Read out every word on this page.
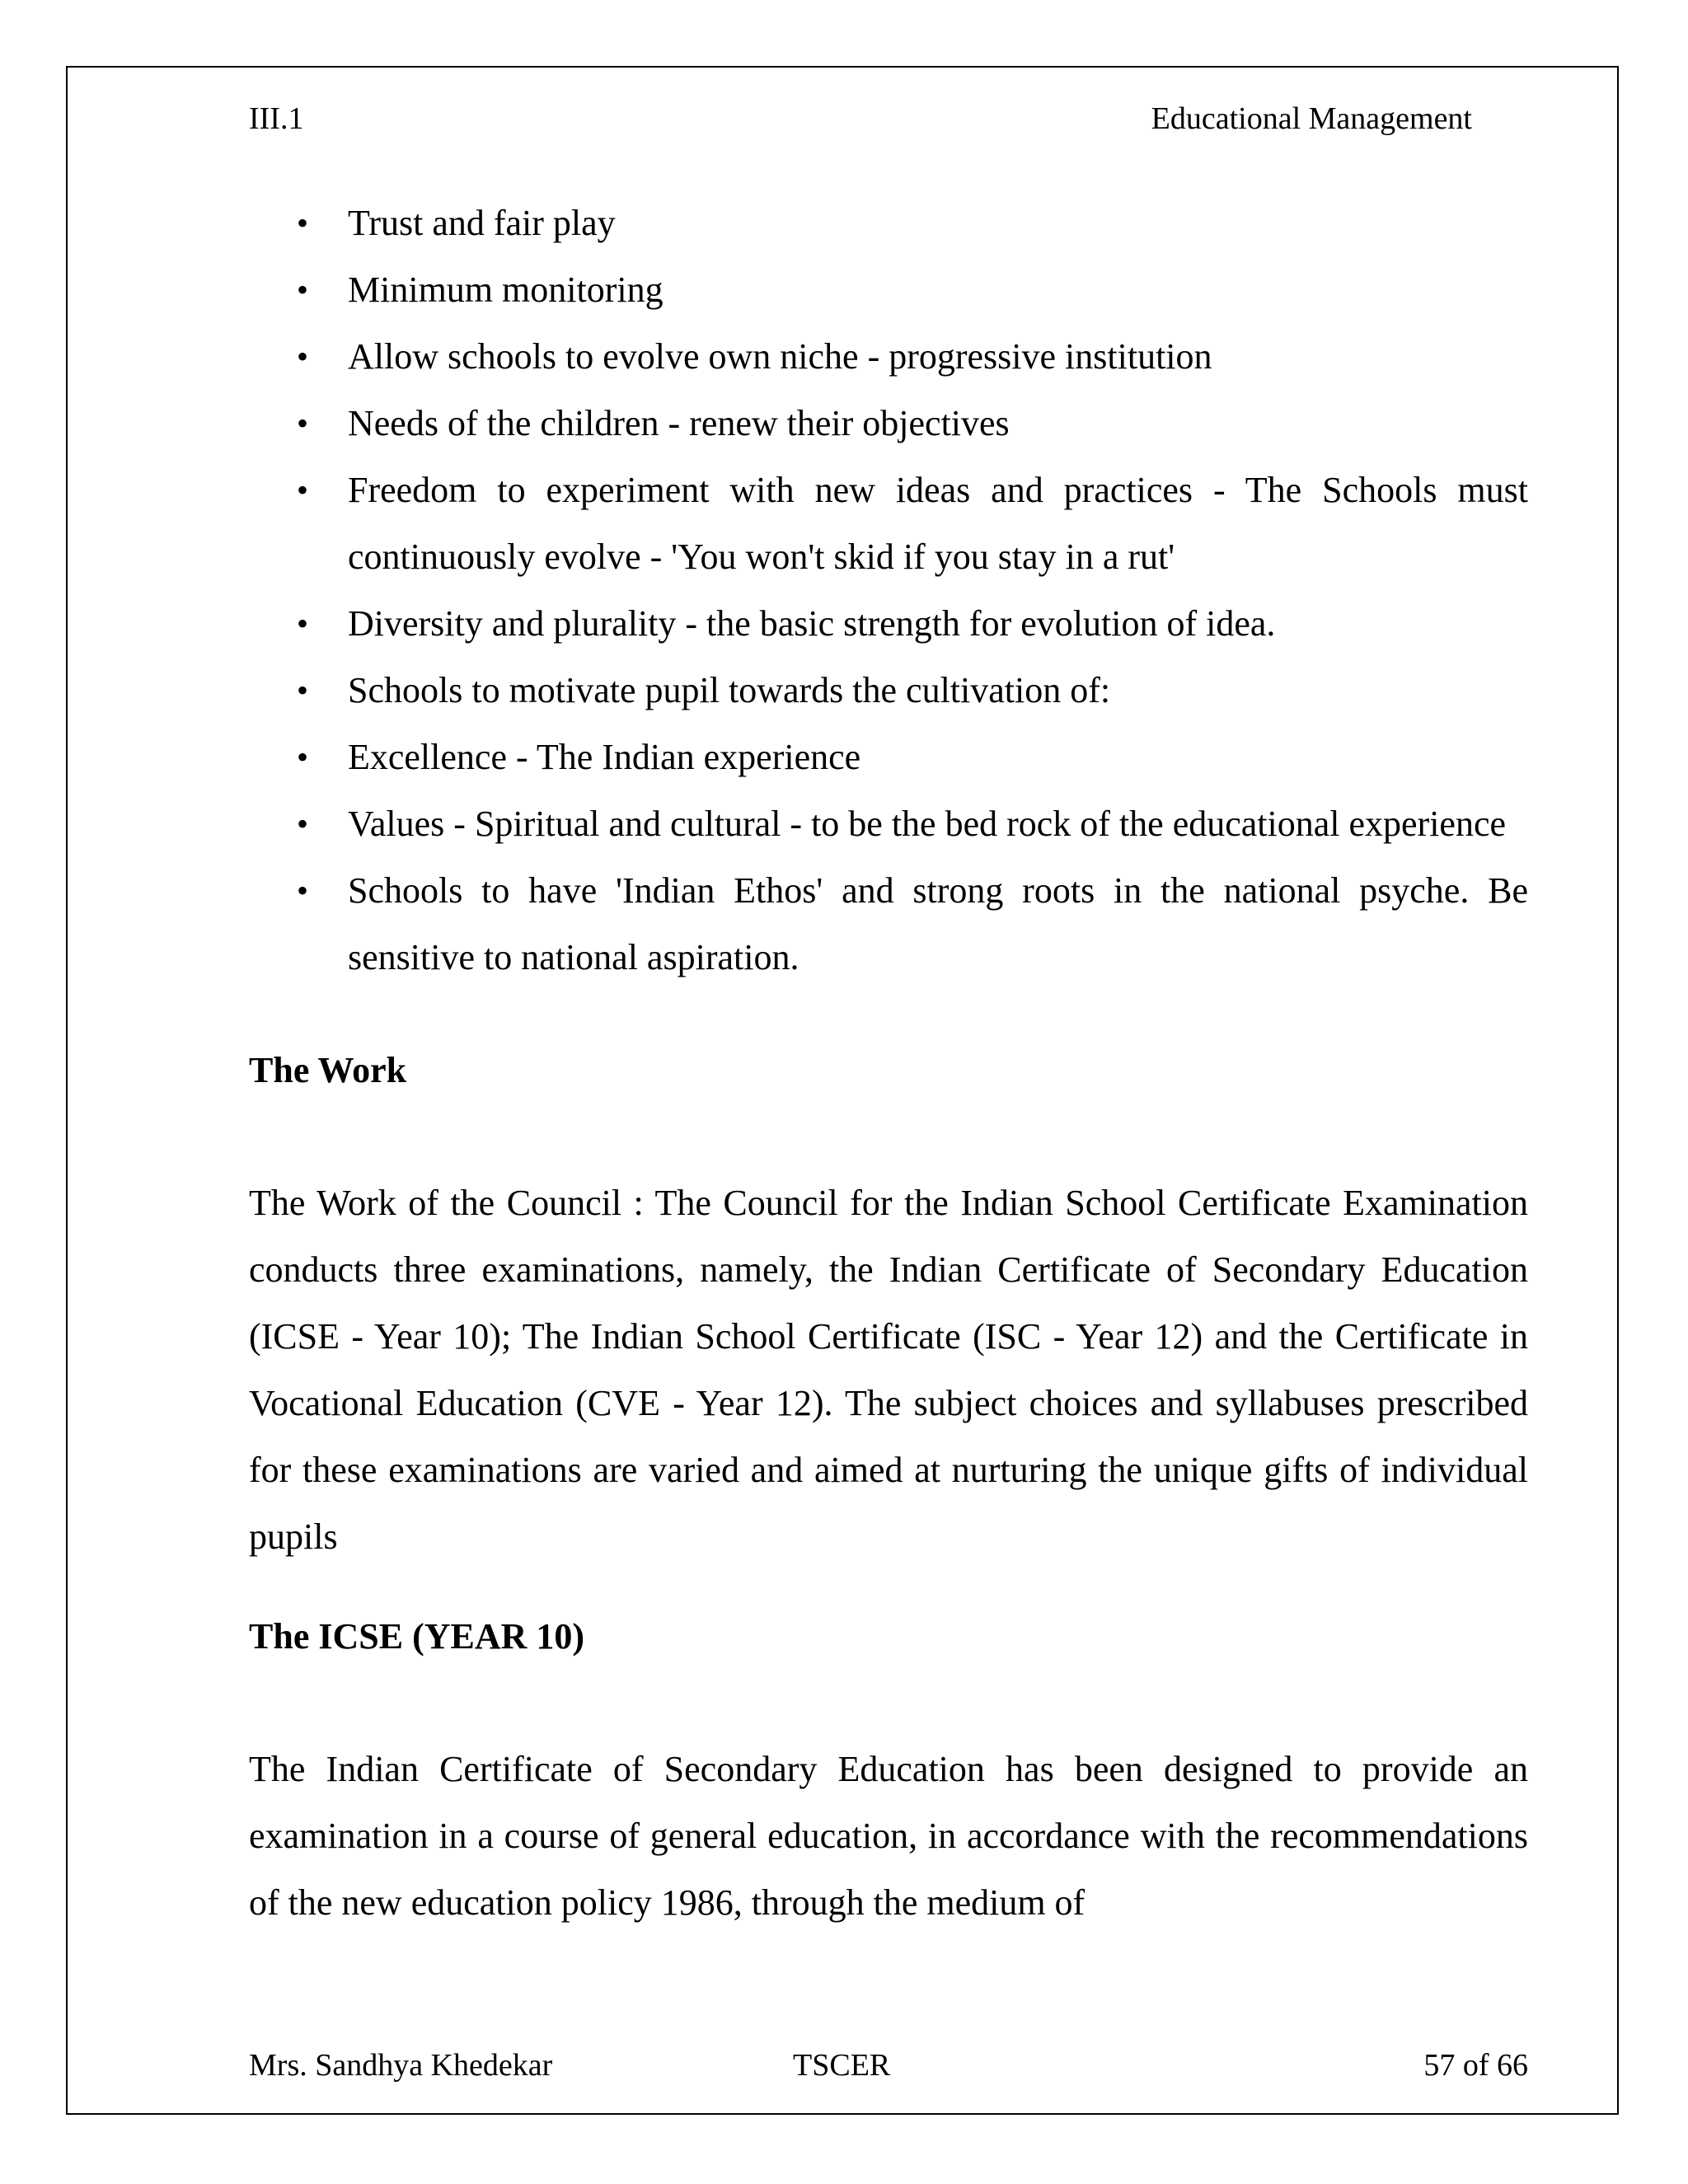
III.1	Educational Management
• Trust and fair play
• Minimum monitoring
• Allow schools to evolve own niche - progressive institution
• Needs of the children - renew their objectives
• Freedom to experiment with new ideas and practices - The Schools must continuously evolve - 'You won't skid if you stay in a rut'
• Diversity and plurality - the basic strength for evolution of idea.
• Schools to motivate pupil towards the cultivation of:
• Excellence - The Indian experience
• Values - Spiritual and cultural - to be the bed rock of the educational experience
• Schools to have 'Indian Ethos' and strong roots in the national psyche. Be sensitive to national aspiration.

The Work

The Work of the Council : The Council for the Indian School Certificate Examination conducts three examinations, namely, the Indian Certificate of Secondary Education (ICSE - Year 10); The Indian School Certificate (ISC - Year 12) and the Certificate in Vocational Education (CVE - Year 12). The subject choices and syllabuses prescribed for these examinations are varied and aimed at nurturing the unique gifts of individual pupils

The ICSE (YEAR 10)

The Indian Certificate of Secondary Education has been designed to provide an examination in a course of general education, in accordance with the recommendations of the new education policy 1986, through the medium of

Mrs. Sandhya Khedekar	TSCER	57 of 66
